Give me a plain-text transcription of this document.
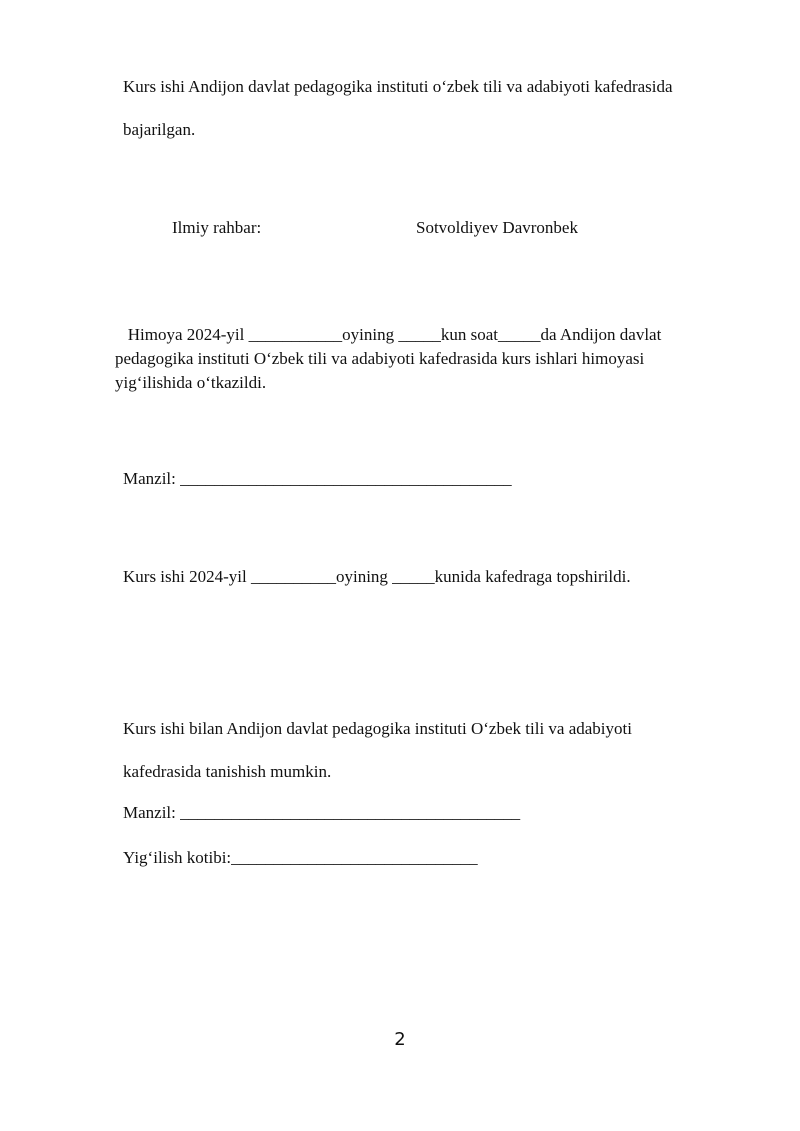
Kurs ishi Andijon davlat pedagogika instituti o‘zbek tili va adabiyoti kafedrasida
bajarilgan.
Ilmiy rahbar:	Sotvoldiyev Davronbek
Himoya 2024-yil ___________oyining _____kun soat_____da Andijon davlat
pedagogika instituti O‘zbek tili va adabiyoti kafedrasida kurs ishlari himoyasi
yig‘ilishida o‘tkazildi.
Manzil: _______________________________________
Kurs ishi 2024-yil __________oyining _____kunida kafedraga topshirildi.
Kurs ishi bilan Andijon davlat pedagogika instituti O‘zbek tili va adabiyoti
kafedrasida tanishish mumkin.
Manzil: ________________________________________
Yig‘ilish kotibi:_____________________________
2
